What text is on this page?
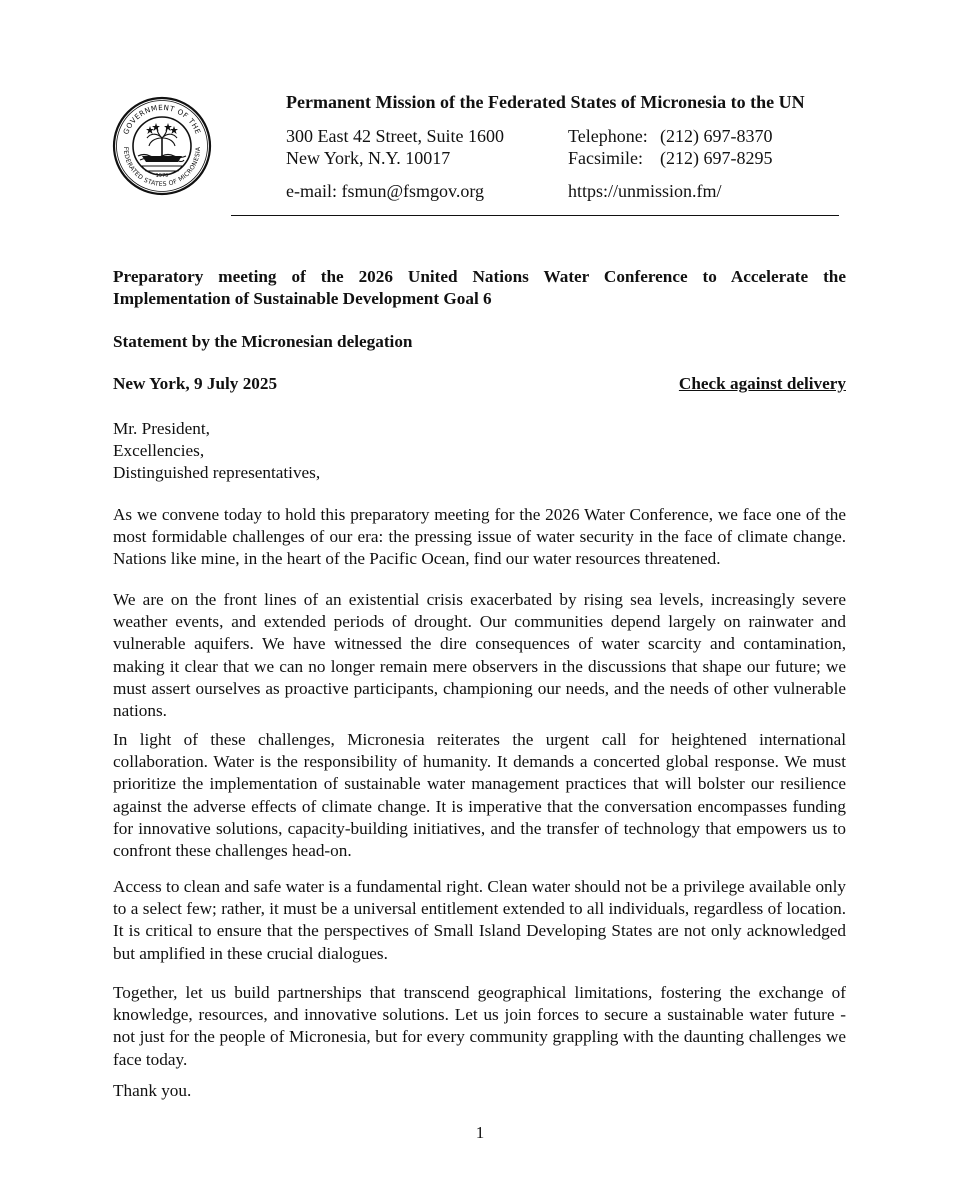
GOVERNMENT OF THE
FEDERATED STATES OF MICRONESIA
1979
Permanent Mission of the Federated States of Micronesia to the UN
300 East 42 Street, Suite 1600
New York, N.Y. 10017
Telephone: (212) 697-8370
Facsimile: (212) 697-8295
e-mail: fsmun@fsmgov.org	https://unmission.fm/
Preparatory meeting of the 2026 United Nations Water Conference to Accelerate the Implementation of Sustainable Development Goal 6
Statement by the Micronesian delegation
New York, 9 July 2025	Check against delivery
Mr. President,
Excellencies,
Distinguished representatives,
As we convene today to hold this preparatory meeting for the 2026 Water Conference, we face one of the most formidable challenges of our era: the pressing issue of water security in the face of climate change. Nations like mine, in the heart of the Pacific Ocean, find our water resources threatened.
We are on the front lines of an existential crisis exacerbated by rising sea levels, increasingly severe weather events, and extended periods of drought. Our communities depend largely on rainwater and vulnerable aquifers. We have witnessed the dire consequences of water scarcity and contamination, making it clear that we can no longer remain mere observers in the discussions that shape our future; we must assert ourselves as proactive participants, championing our needs, and the needs of other vulnerable nations.
In light of these challenges, Micronesia reiterates the urgent call for heightened international collaboration. Water is the responsibility of humanity. It demands a concerted global response. We must prioritize the implementation of sustainable water management practices that will bolster our resilience against the adverse effects of climate change. It is imperative that the conversation encompasses funding for innovative solutions, capacity-building initiatives, and the transfer of technology that empowers us to confront these challenges head-on.
Access to clean and safe water is a fundamental right. Clean water should not be a privilege available only to a select few; rather, it must be a universal entitlement extended to all individuals, regardless of location. It is critical to ensure that the perspectives of Small Island Developing States are not only acknowledged but amplified in these crucial dialogues.
Together, let us build partnerships that transcend geographical limitations, fostering the exchange of knowledge, resources, and innovative solutions. Let us join forces to secure a sustainable water future - not just for the people of Micronesia, but for every community grappling with the daunting challenges we face today.
Thank you.
1
